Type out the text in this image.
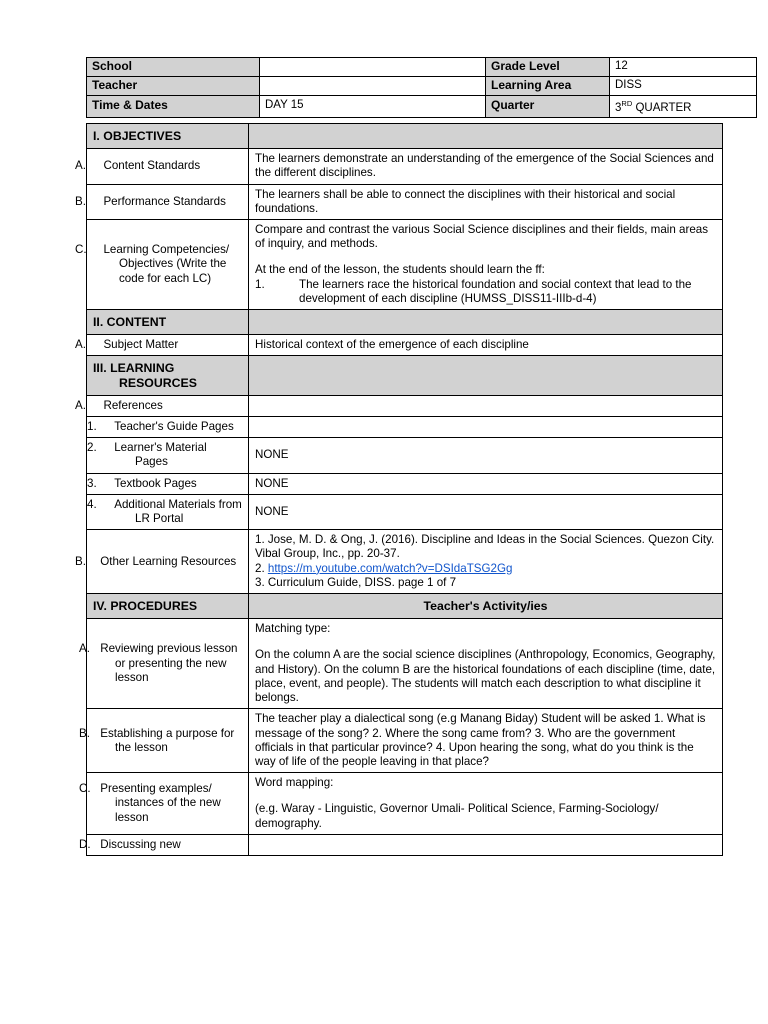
School		Grade Level	12
Teacher		Learning Area	DISS
Time & Dates	DAY 15	Quarter	3RD QUARTER
I. OBJECTIVES	

A. Content Standards	The learners demonstrate an understanding of the emergence of the Social Sciences and the different disciplines.

B. Performance Standards	The learners shall be able to connect the disciplines with their historical and social foundations.

C. Learning Competencies/ Objectives (Write the code for each LC)	Compare and contrast the various Social Science disciplines and their fields, main areas of inquiry, and methods.

At the end of the lesson, the students should learn the ff:

1. The learners race the historical foundation and social context that lead to the development of each discipline (HUMSS_DISS11-IIIb-d-4)

II. CONTENT	

A. Subject Matter	Historical context of the emergence of each discipline

III. LEARNING RESOURCES	

A. References	

1. Teacher's Guide Pages	

2. Learner's Material Pages	NONE

3. Textbook Pages	NONE

4. Additional Materials from LR Portal	NONE

B. Other Learning Resources	1. Jose, M. D. & Ong, J. (2016). Discipline and Ideas in the Social Sciences. Quezon City. Vibal Group, Inc., pp. 20-37.

2. https://m.youtube.com/watch?v=DSIdaTSG2Gg

3. Curriculum Guide, DISS. page 1 of 7

IV. PROCEDURES	Teacher's Activity/ies

A. Reviewing previous lesson or presenting the new lesson	Matching type:

On the column A are the social science disciplines (Anthropology, Economics, Geography, and History). On the column B are the historical foundations of each discipline (time, date, place, event, and people). The students will match each description to what discipline it belongs.

B. Establishing a purpose for the lesson	The teacher play a dialectical song (e.g Manang Biday) Student will be asked 1. What is message of the song? 2. Where the song came from? 3. Who are the government officials in that particular province? 4. Upon hearing the song, what do you think is the way of life of the people leaving in that place?

C. Presenting examples/ instances of the new lesson	Word mapping:

(e.g. Waray - Linguistic, Governor Umali- Political Science, Farming-Sociology/ demography.

D. Discussing new	
